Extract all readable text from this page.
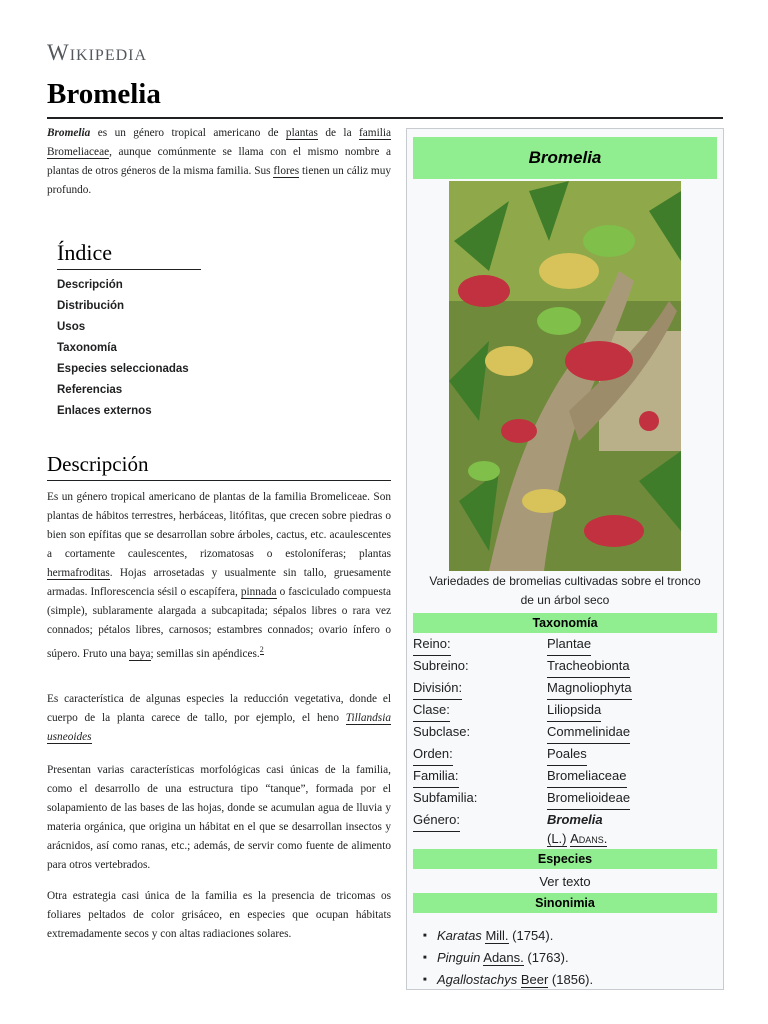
Wikipedia
Bromelia

Bromelia es un género tropical americano de plantas de la familia Bromeliaceae, aunque comúnmente se llama con el mismo nombre a plantas de otros géneros de la misma familia. Sus flores tienen un cáliz muy profundo.

Índice
Descripción
Distribución
Usos
Taxonomía
Especies seleccionadas
Referencias
Enlaces externos
Descripción

Es un género tropical americano de plantas de la familia Bromeliceae. Son plantas de hábitos terrestres, herbáceas, litófitas, que crecen sobre piedras o bien son epífitas que se desarrollan sobre árboles, cactus, etc. acaulescentes a cortamente caulescentes, rizomatosas o estoloníferas; plantas hermafroditas. Hojas arrosetadas y usualmente sin tallo, gruesamente armadas. Inflorescencia sésil o escapífera, pinnada o fasciculado compuesta (simple), sublaramente alargada a subcapitada; sépalos libres o rara vez connados; pétalos libres, carnosos; estambres connados; ovario ínfero o súpero. Fruto una baya; semillas sin apéndices.$^2$

Es característica de algunas especies la reducción vegetativa, donde el cuerpo de la planta carece de tallo, por ejemplo, el heno Tillandsia usneoides

Presentan varias características morfológicas casi únicas de la familia, como el desarrollo de una estructura tipo “tanque”, formada por el solapamiento de las bases de las hojas, donde se acumulan agua de lluvia y materia orgánica, que origina un hábitat en el que se desarrollan insectos y arácnidos, así como ranas, etc.; además, de servir como fuente de alimento para otros vertebrados.

Otra estrategia casi única de la familia es la presencia de tricomas os foliares peltados de color grisáceo, en especies que ocupan hábitats extremadamente secos y con altas radiaciones solares.

Bromelia
Variedades de bromelias cultivadas sobre el tronco de un árbol seco
Taxonomía
Reino:	Plantae
Subreino:	Tracheobionta
División:	Magnoliophyta
Clase:	Liliopsida
Subclase:	Commelinidae
Orden:	Poales
Familia:	Bromeliaceae
Subfamilia:	Bromelioideae
Género:	Bromelia
(L.) Adans.
Especies
Ver texto
Sinonimia
■ Karatas Mill. (1754).
■ Pinguin Adans. (1763).
■ Agallostachys Beer (1856).
